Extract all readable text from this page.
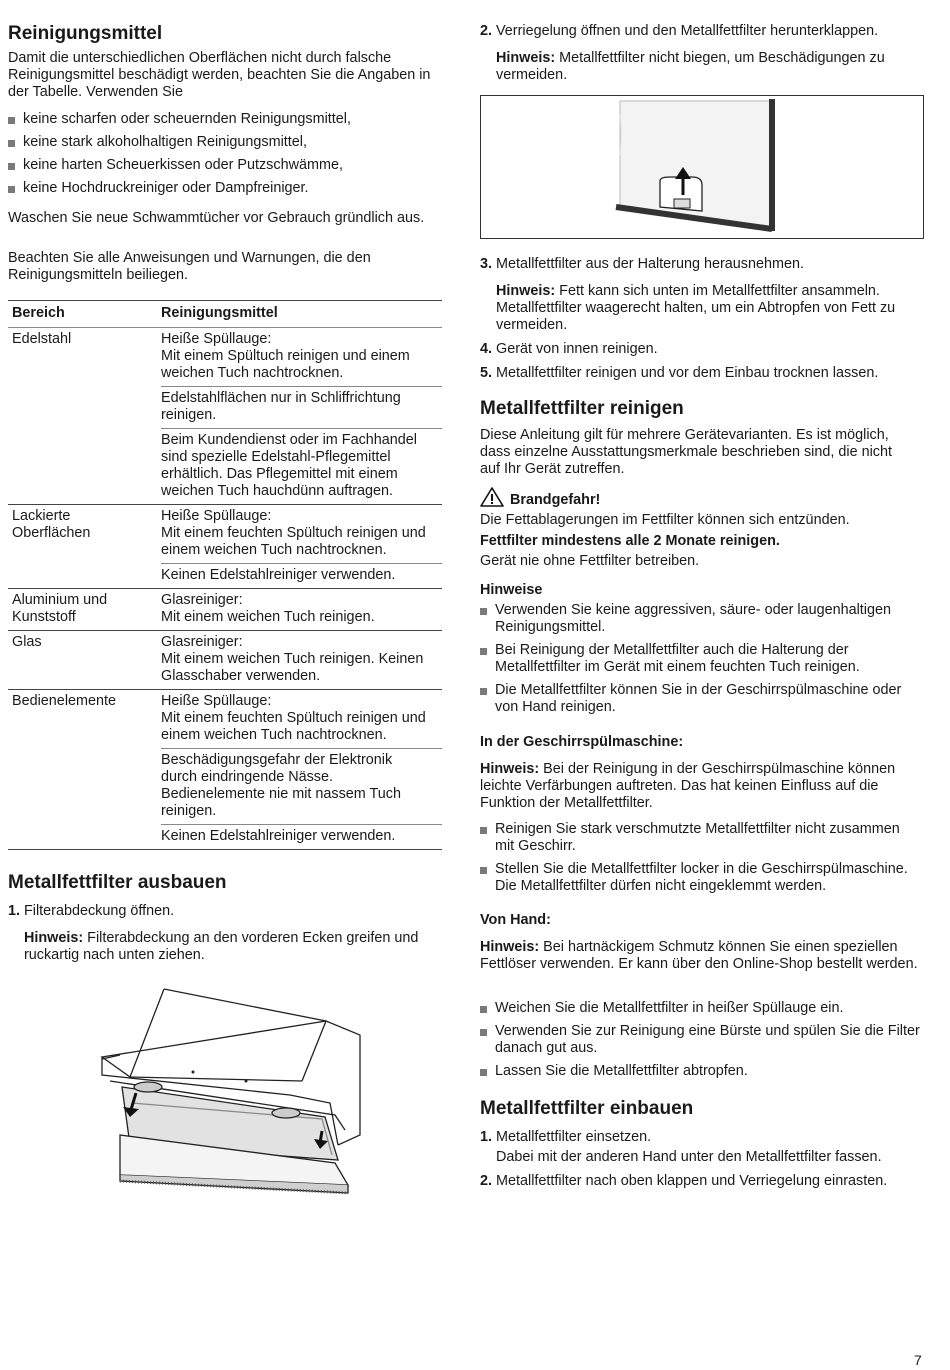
Reinigungsmittel

Damit die unterschiedlichen Oberflächen nicht durch falsche Reinigungsmittel beschädigt werden, beachten Sie die Angaben in der Tabelle. Verwenden Sie

keine scharfen oder scheuernden Reinigungsmittel,
keine stark alkoholhaltigen Reinigungsmittel,
keine harten Scheuerkissen oder Putzschwämme,
keine Hochdruckreiniger oder Dampfreiniger.

Waschen Sie neue Schwammtücher vor Gebrauch gründlich aus.

Beachten Sie alle Anweisungen und Warnungen, die den Reinigungsmitteln beiliegen.

Bereich	Reinigungsmittel
Edelstahl	Heiße Spüllauge:
Mit einem Spültuch reinigen und einem weichen Tuch nachtrocknen.

	Edelstahlflächen nur in Schliffrichtung reinigen.

	Beim Kundendienst oder im Fachhandel sind spezielle Edelstahl-Pflegemittel erhältlich. Das Pflegemittel mit einem weichen Tuch hauchdünn auftragen.

Lackierte Oberflächen	Heiße Spüllauge:
Mit einem feuchten Spültuch reinigen und einem weichen Tuch nachtrocknen.

	Keinen Edelstahlreiniger verwenden.

Aluminium und Kunststoff	Glasreiniger:
Mit einem weichen Tuch reinigen.

Glas	Glasreiniger:
Mit einem weichen Tuch reinigen. Keinen Glasschaber verwenden.

Bedienelemente	Heiße Spüllauge:
Mit einem feuchten Spültuch reinigen und einem weichen Tuch nachtrocknen.

	Beschädigungsgefahr der Elektronik durch eindringende Nässe. Bedienelemente nie mit nassem Tuch reinigen.

	Keinen Edelstahlreiniger verwenden.
Metallfettfilter ausbauen
1. Filterabdeckung öffnen.

Hinweis: Filterabdeckung an den vorderen Ecken greifen und ruckartig nach unten ziehen.

2. Verriegelung öffnen und den Metallfettfilter herunterklappen.

Hinweis: Metallfettfilter nicht biegen, um Beschädigungen zu vermeiden.

3. Metallfettfilter aus der Halterung herausnehmen.

Hinweis: Fett kann sich unten im Metallfettfilter ansammeln. Metallfettfilter waagerecht halten, um ein Abtropfen von Fett zu vermeiden.

4. Gerät von innen reinigen.
5. Metallfettfilter reinigen und vor dem Einbau trocknen lassen.
Metallfettfilter reinigen

Diese Anleitung gilt für mehrere Gerätevarianten. Es ist möglich, dass einzelne Ausstattungsmerkmale beschrieben sind, die nicht auf Ihr Gerät zutreffen.

Brandgefahr!

Die Fettablagerungen im Fettfilter können sich entzünden.

Fettfilter mindestens alle 2 Monate reinigen.

Gerät nie ohne Fettfilter betreiben.

Hinweise

Verwenden Sie keine aggressiven, säure- oder laugenhaltigen Reinigungsmittel.
Bei Reinigung der Metallfettfilter auch die Halterung der Metallfettfilter im Gerät mit einem feuchten Tuch reinigen.
Die Metallfettfilter können Sie in der Geschirrspülmaschine oder von Hand reinigen.

In der Geschirrspülmaschine:

Hinweis: Bei der Reinigung in der Geschirrspülmaschine können leichte Verfärbungen auftreten. Das hat keinen Einfluss auf die Funktion der Metallfettfilter.

Reinigen Sie stark verschmutzte Metallfettfilter nicht zusammen mit Geschirr.
Stellen Sie die Metallfettfilter locker in die Geschirrspülmaschine. Die Metallfettfilter dürfen nicht eingeklemmt werden.

Von Hand:

Hinweis: Bei hartnäckigem Schmutz können Sie einen speziellen Fettlöser verwenden. Er kann über den Online-Shop bestellt werden.

Weichen Sie die Metallfettfilter in heißer Spüllauge ein.
Verwenden Sie zur Reinigung eine Bürste und spülen Sie die Filter danach gut aus.
Lassen Sie die Metallfettfilter abtropfen.
Metallfettfilter einbauen
1. Metallfettfilter einsetzen.
Dabei mit der anderen Hand unter den Metallfettfilter fassen.
2. Metallfettfilter nach oben klappen und Verriegelung einrasten.
7
